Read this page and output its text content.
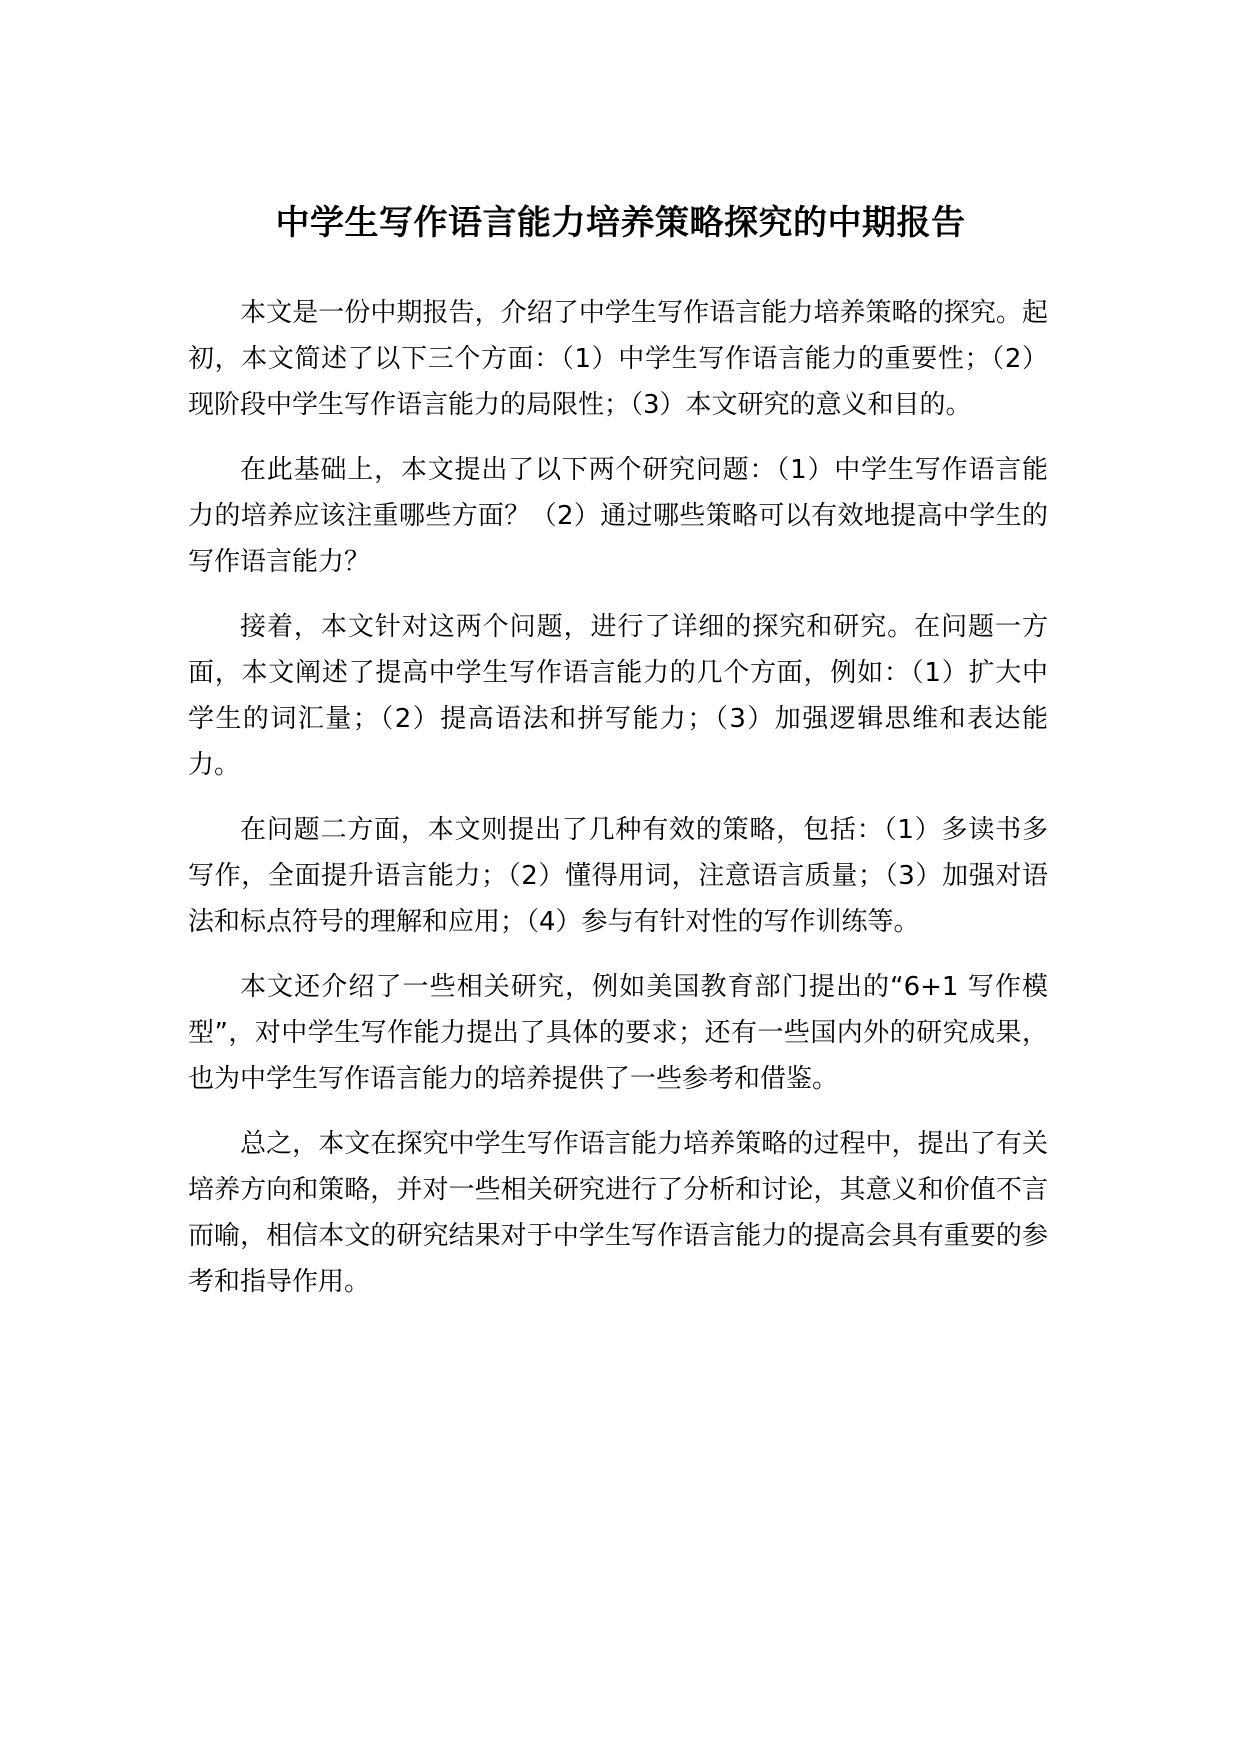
中学生写作语言能力培养策略探究的中期报告

本文是一份中期报告，介绍了中学生写作语言能力培养策略的探究。起初，本文简述了以下三个方面：（1）中学生写作语言能力的重要性；（2）现阶段中学生写作语言能力的局限性；（3）本文研究的意义和目的。

在此基础上，本文提出了以下两个研究问题：（1）中学生写作语言能力的培养应该注重哪些方面？（2）通过哪些策略可以有效地提高中学生的写作语言能力？

接着，本文针对这两个问题，进行了详细的探究和研究。在问题一方面，本文阐述了提高中学生写作语言能力的几个方面，例如：（1）扩大中学生的词汇量；（2）提高语法和拼写能力；（3）加强逻辑思维和表达能力。

在问题二方面，本文则提出了几种有效的策略，包括：（1）多读书多写作，全面提升语言能力；（2）懂得用词，注意语言质量；（3）加强对语法和标点符号的理解和应用；（4）参与有针对性的写作训练等。

本文还介绍了一些相关研究，例如美国教育部门提出的“6+1 写作模型”，对中学生写作能力提出了具体的要求；还有一些国内外的研究成果，也为中学生写作语言能力的培养提供了一些参考和借鉴。

总之，本文在探究中学生写作语言能力培养策略的过程中，提出了有关培养方向和策略，并对一些相关研究进行了分析和讨论，其意义和价值不言而喻，相信本文的研究结果对于中学生写作语言能力的提高会具有重要的参考和指导作用。
